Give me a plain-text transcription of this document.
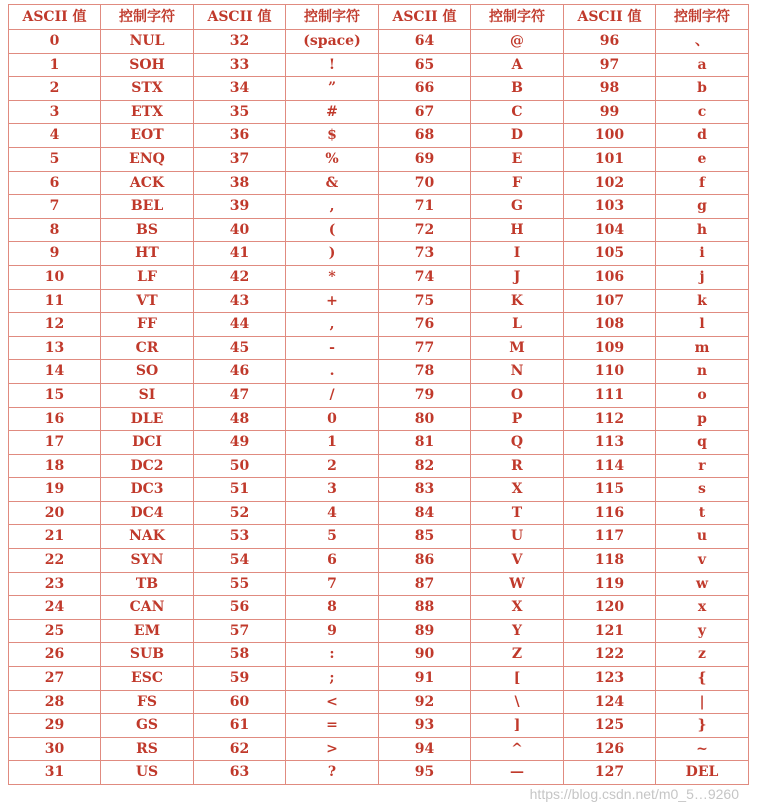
ASCII 值	控制字符	ASCII 值	控制字符	ASCII 值	控制字符	ASCII 值	控制字符
0	NUL	32	(space)	64	@	96	、
1	SOH	33	!	65	A	97	a
2	STX	34	”	66	B	98	b
3	ETX	35	#	67	C	99	c
4	EOT	36	$	68	D	100	d
5	ENQ	37	%	69	E	101	e
6	ACK	38	&	70	F	102	f
7	BEL	39	,	71	G	103	g
8	BS	40	(	72	H	104	h
9	HT	41	)	73	I	105	i
10	LF	42	*	74	J	106	j
11	VT	43	+	75	K	107	k
12	FF	44	,	76	L	108	l
13	CR	45	-	77	M	109	m
14	SO	46	.	78	N	110	n
15	SI	47	/	79	O	111	o
16	DLE	48	0	80	P	112	p
17	DCI	49	1	81	Q	113	q
18	DC2	50	2	82	R	114	r
19	DC3	51	3	83	X	115	s
20	DC4	52	4	84	T	116	t
21	NAK	53	5	85	U	117	u
22	SYN	54	6	86	V	118	v
23	TB	55	7	87	W	119	w
24	CAN	56	8	88	X	120	x
25	EM	57	9	89	Y	121	y
26	SUB	58	:	90	Z	122	z
27	ESC	59	;	91	[	123	{
28	FS	60	<	92	\	124	|
29	GS	61	=	93	]	125	}
30	RS	62	>	94	^	126	~
31	US	63	?	95	—	127	DEL
https://blog.csdn.net/m0_5…9260
